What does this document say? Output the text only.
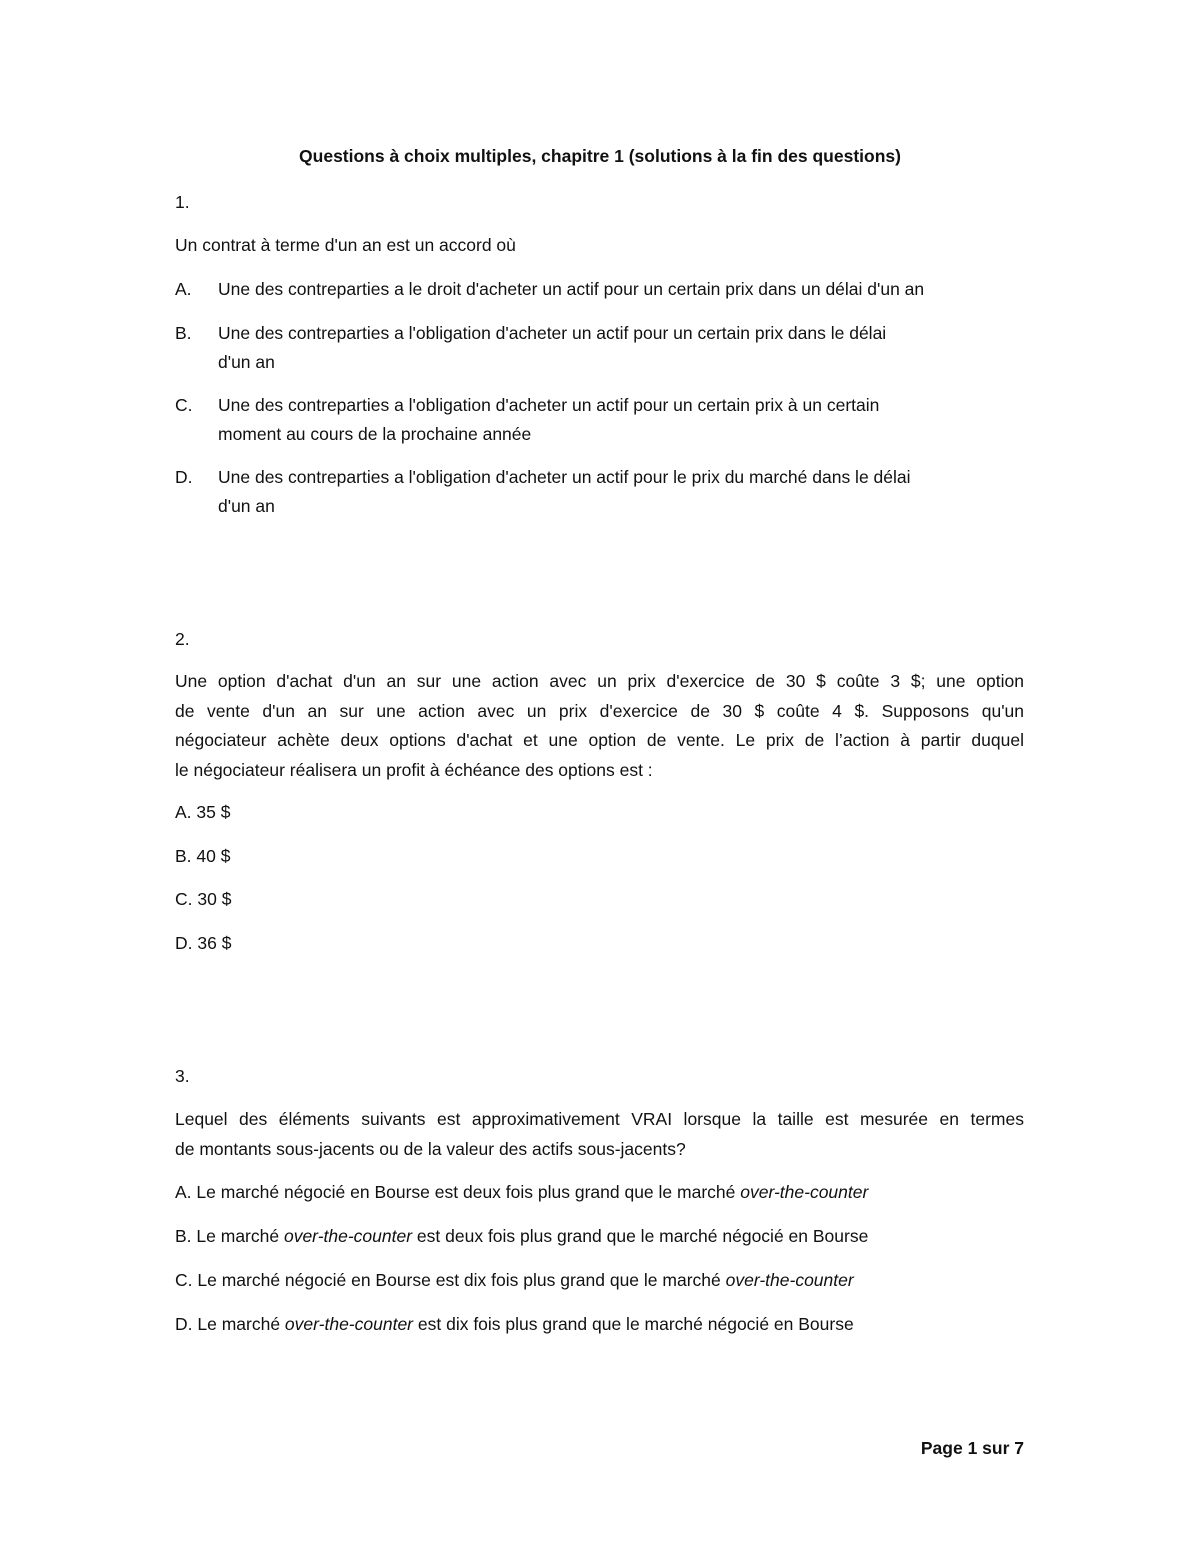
Questions à choix multiples, chapitre 1 (solutions à la fin des questions)
1.
Un contrat à terme d'un an est un accord où
A. Une des contreparties a le droit d'acheter un actif pour un certain prix dans un délai d'un an
B. Une des contreparties a l'obligation d'acheter un actif pour un certain prix dans le délai
d'un an
C. Une des contreparties a l'obligation d'acheter un actif pour un certain prix à un certain
moment au cours de la prochaine année
D. Une des contreparties a l'obligation d'acheter un actif pour le prix du marché dans le délai
d'un an
2.
Une option d'achat d'un an sur une action avec un prix d'exercice de 30 $ coûte 3 $; une option
de vente d'un an sur une action avec un prix d'exercice de 30 $ coûte 4 $. Supposons qu'un
négociateur achète deux options d'achat et une option de vente. Le prix de l’action à partir duquel
le négociateur réalisera un profit à échéance des options est :
A. 35 $
B. 40 $
C. 30 $
D. 36 $
3.
Lequel des éléments suivants est approximativement VRAI lorsque la taille est mesurée en termes
de montants sous-jacents ou de la valeur des actifs sous-jacents?
A. Le marché négocié en Bourse est deux fois plus grand que le marché over-the-counter
B. Le marché over-the-counter est deux fois plus grand que le marché négocié en Bourse
C. Le marché négocié en Bourse est dix fois plus grand que le marché over-the-counter
D. Le marché over-the-counter est dix fois plus grand que le marché négocié en Bourse
Page 1 sur 7
